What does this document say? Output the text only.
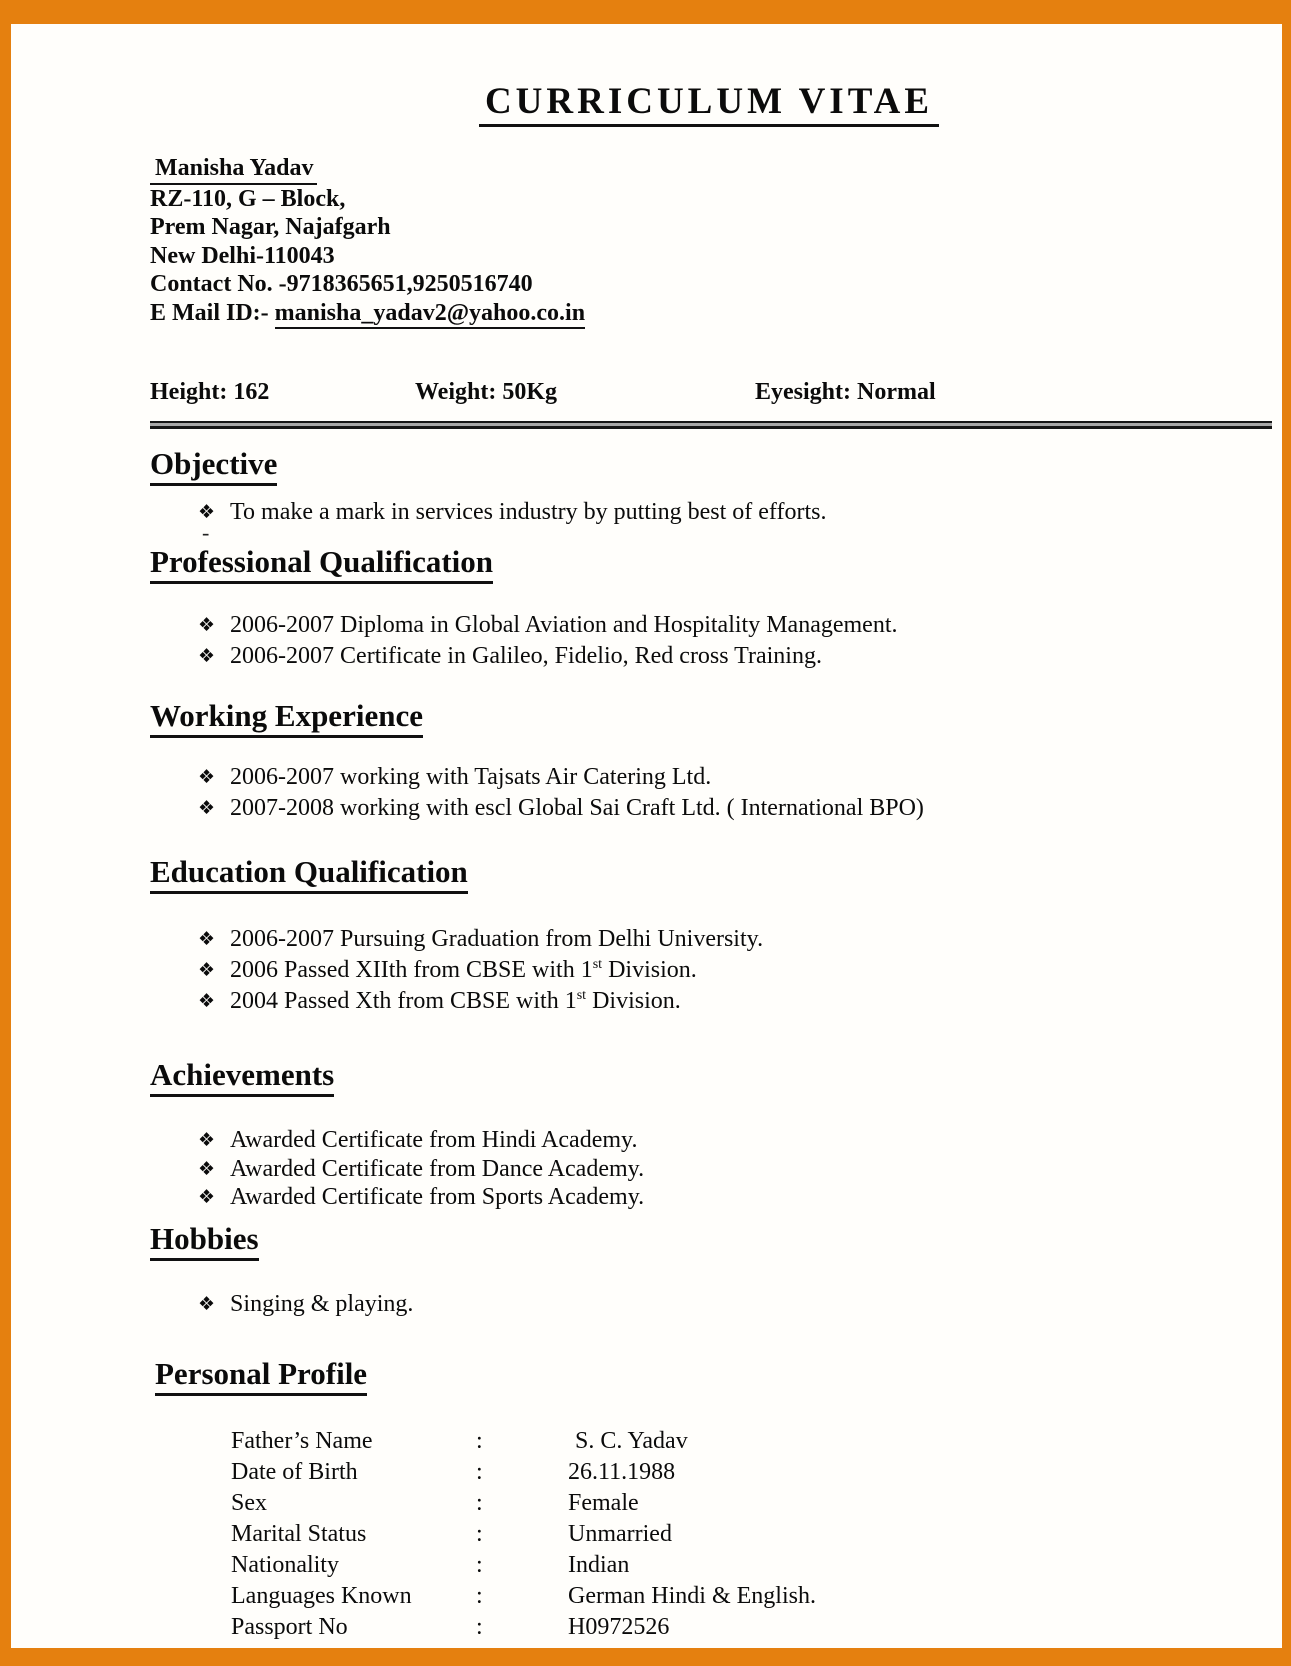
CURRICULUM VITAE
Manisha Yadav
RZ-110, G – Block,
Prem Nagar, Najafgarh
New Delhi-110043
Contact No. -9718365651,9250516740
E Mail ID:- manisha_yadav2@yahoo.co.in
Height: 162	Weight: 50Kg	Eyesight: Normal
Objective
❖ To make a mark in services industry by putting best of efforts.
-
Professional Qualification
❖ 2006-2007 Diploma in Global Aviation and Hospitality Management.
❖ 2006-2007 Certificate in Galileo, Fidelio, Red cross Training.
Working Experience
❖ 2006-2007 working with Tajsats Air Catering Ltd.
❖ 2007-2008 working with escl Global Sai Craft Ltd. ( International BPO)
Education Qualification
❖ 2006-2007 Pursuing Graduation from Delhi University.
❖ 2006 Passed XIIth from CBSE with 1st Division.
❖ 2004 Passed Xth from CBSE with 1st Division.
Achievements
❖ Awarded Certificate from Hindi Academy.
❖ Awarded Certificate from Dance Academy.
❖ Awarded Certificate from Sports Academy.
Hobbies
❖ Singing & playing.
Personal Profile
Father’s Name	:	S. C. Yadav
Date of Birth	:	26.11.1988
Sex	:	Female
Marital Status	:	Unmarried
Nationality	:	Indian
Languages Known	:	German Hindi & English.
Passport No	:	H0972526
